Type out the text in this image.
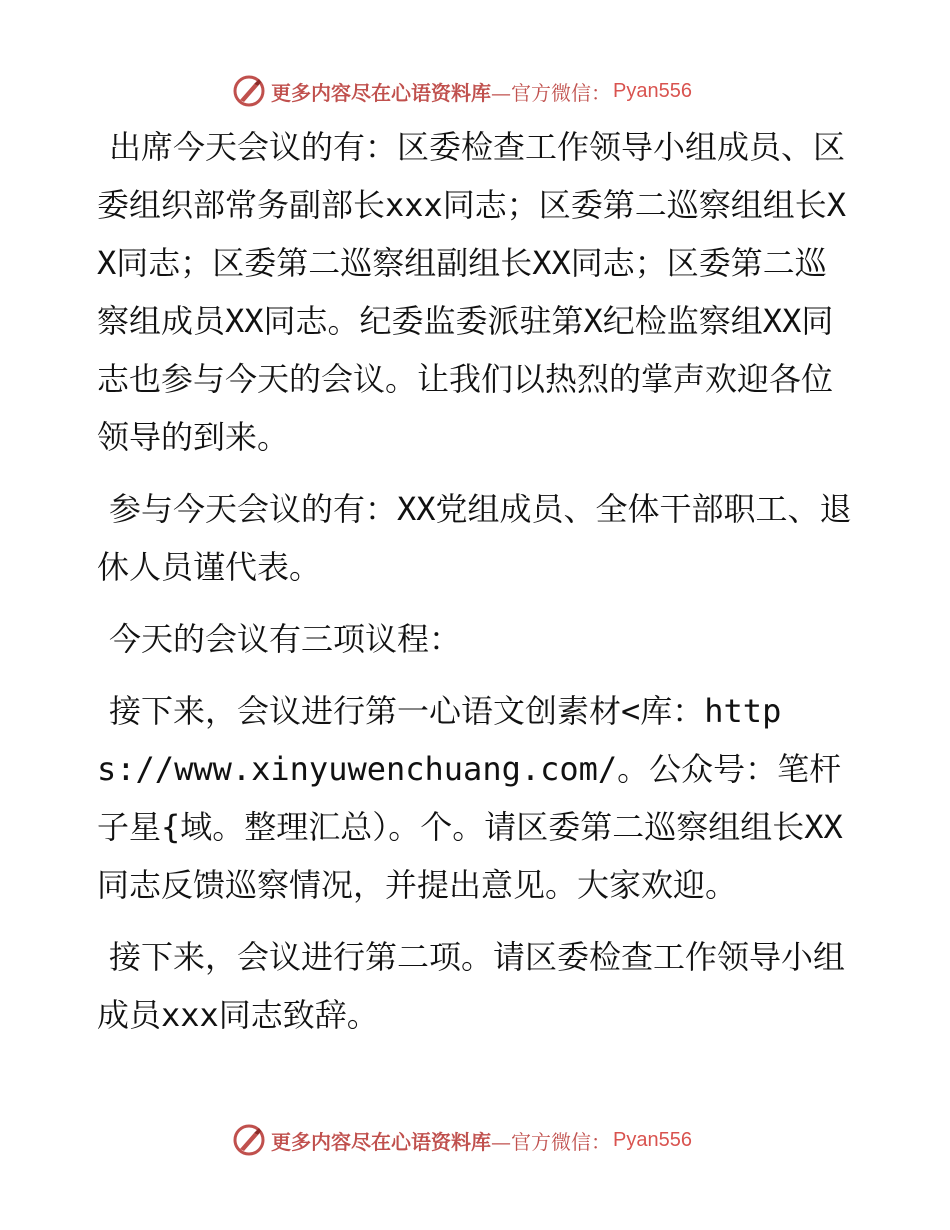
更多内容尽在心语资料库 —官方微信： Pyan556

出席今天会议的有：区委检查工作领导小组成员、区委组织部常务副部长xxx同志；区委第二巡察组组长XX同志；区委第二巡察组副组长XX同志；区委第二巡察组成员XX同志。纪委监委派驻第X纪检监察组XX同志也参与今天的会议。让我们以热烈的掌声欢迎各位领导的到来。

参与今天会议的有：XX党组成员、全体干部职工、退休人员谨代表。

今天的会议有三项议程：

接下来，会议进行第一心语文创素材<库：https://www.xinyuwenchuang.com/。公众号：笔杆子星{域。整理汇总）。个。请区委第二巡察组组长XX同志反馈巡察情况，并提出意见。大家欢迎。

接下来，会议进行第二项。请区委检查工作领导小组成员xxx同志致辞。

更多内容尽在心语资料库 —官方微信： Pyan556
